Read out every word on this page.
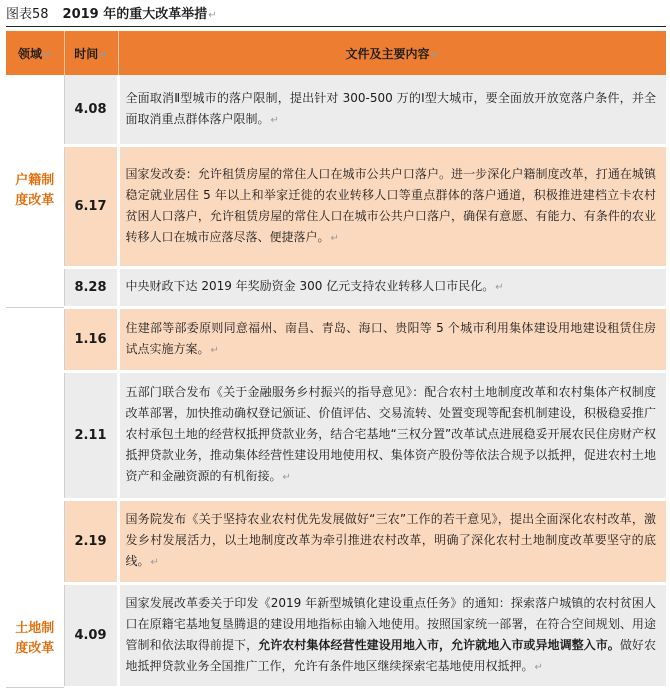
图表58 2019 年的重大改革举措↵
领域↵	时间↵	文件及主要内容↵

户籍制度改革	4.08	全面取消Ⅱ型城市的落户限制，提出针对 300-500 万的Ⅰ型大城市，要全面放开放宽落户条件，并全面取消重点群体落户限制。↵
	6.17	国家发改委：允许租赁房屋的常住人口在城市公共户口落户。进一步深化户籍制度改革，打通在城镇稳定就业居住 5 年以上和举家迁徙的农业转移人口等重点群体的落户通道，积极推进建档立卡农村贫困人口落户，允许租赁房屋的常住人口在城市公共户口落户，确保有意愿、有能力、有条件的农业转移人口在城市应落尽落、便捷落户。↵
	8.28	中央财政下达 2019 年奖励资金 300 亿元支持农业转移人口市民化。↵

土地制度改革	1.16	住建部等部委原则同意福州、南昌、青岛、海口、贵阳等 5 个城市利用集体建设用地建设租赁住房试点实施方案。↵
	2.11	五部门联合发布《关于金融服务乡村振兴的指导意见》：配合农村土地制度改革和农村集体产权制度改革部署，加快推动确权登记颁证、价值评估、交易流转、处置变现等配套机制建设，积极稳妥推广农村承包土地的经营权抵押贷款业务，结合宅基地“三权分置”改革试点进展稳妥开展农民住房财产权抵押贷款业务，推动集体经营性建设用地使用权、集体资产股份等依法合规予以抵押，促进农村土地资产和金融资源的有机衔接。↵
	2.19	国务院发布《关于坚持农业农村优先发展做好“三农”工作的若干意见》，提出全面深化农村改革，激发乡村发展活力，以土地制度改革为牵引推进农村改革，明确了深化农村土地制度改革要坚守的底线。↵
	4.09	国家发展改革委关于印发《2019 年新型城镇化建设重点任务》的通知：探索落户城镇的农村贫困人口在原籍宅基地复垦腾退的建设用地指标由输入地使用。按照国家统一部署，在符合空间规划、用途管制和依法取得前提下，允许农村集体经营性建设用地入市，允许就地入市或异地调整入市。做好农地抵押贷款业务全国推广工作，允许有条件地区继续探索宅基地使用权抵押。↵
